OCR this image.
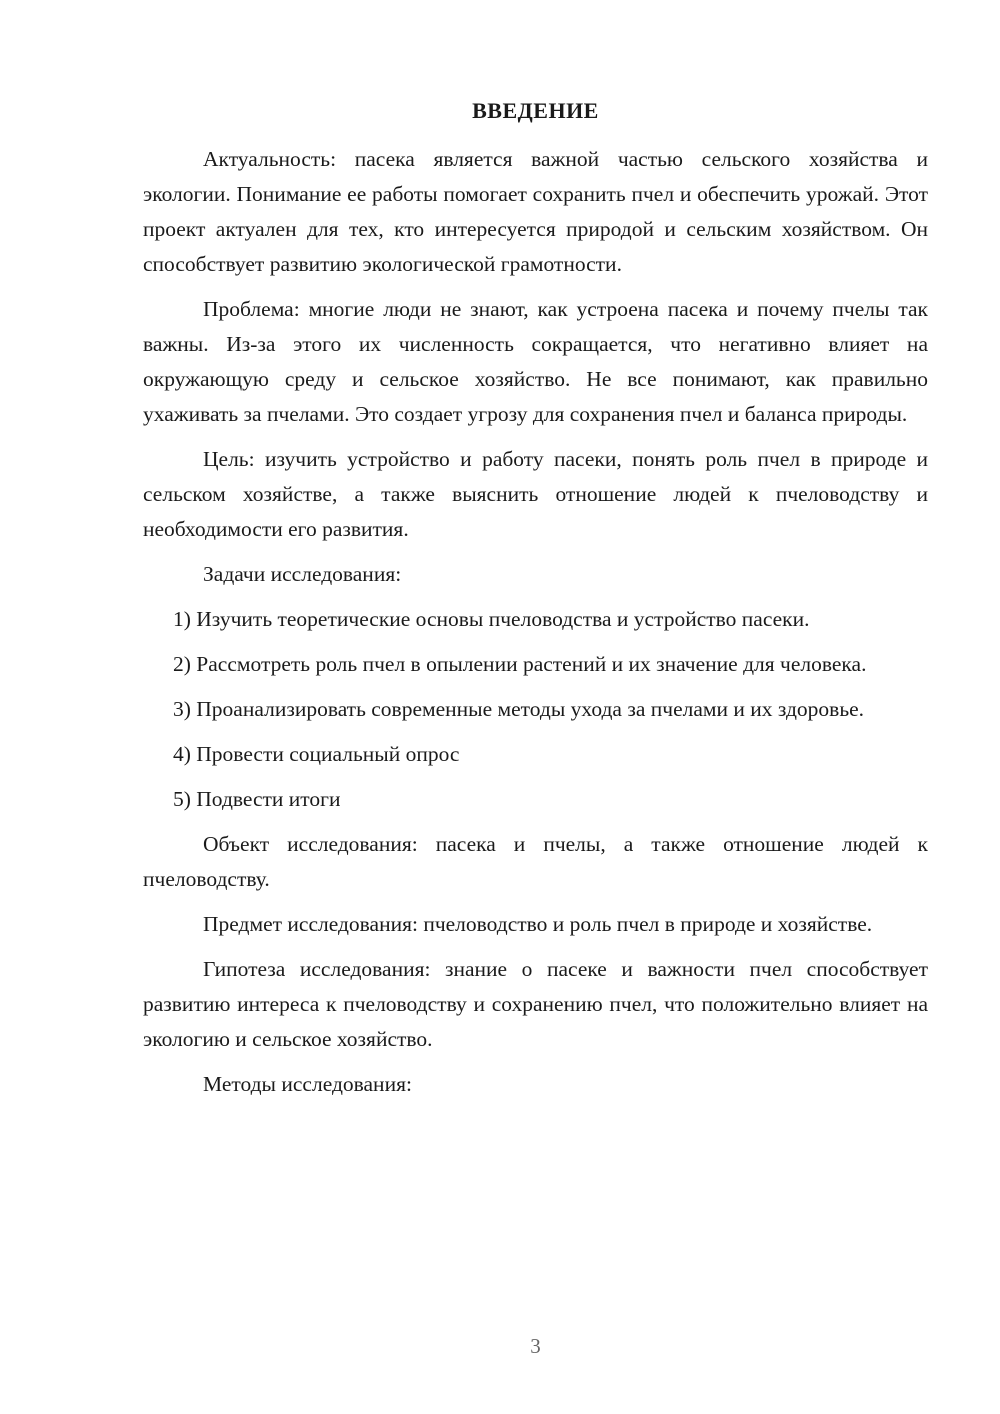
ВВЕДЕНИЕ

Актуальность: пасека является важной частью сельского хозяйства и экологии. Понимание ее работы помогает сохранить пчел и обеспечить урожай. Этот проект актуален для тех, кто интересуется природой и сельским хозяйством. Он способствует развитию экологической грамотности.

Проблема: многие люди не знают, как устроена пасека и почему пчелы так важны. Из-за этого их численность сокращается, что негативно влияет на окружающую среду и сельское хозяйство. Не все понимают, как правильно ухаживать за пчелами. Это создает угрозу для сохранения пчел и баланса природы.

Цель: изучить устройство и работу пасеки, понять роль пчел в природе и сельском хозяйстве, а также выяснить отношение людей к пчеловодству и необходимости его развития.

Задачи исследования:

1) Изучить теоретические основы пчеловодства и устройство пасеки.

2) Рассмотреть роль пчел в опылении растений и их значение для человека.

3) Проанализировать современные методы ухода за пчелами и их здоровье.

4) Провести социальный опрос

5) Подвести итоги

Объект исследования: пасека и пчелы, а также отношение людей к пчеловодству.

Предмет исследования: пчеловодство и роль пчел в природе и хозяйстве.

Гипотеза исследования: знание о пасеке и важности пчел способствует развитию интереса к пчеловодству и сохранению пчел, что положительно влияет на экологию и сельское хозяйство.

Методы исследования:

3
